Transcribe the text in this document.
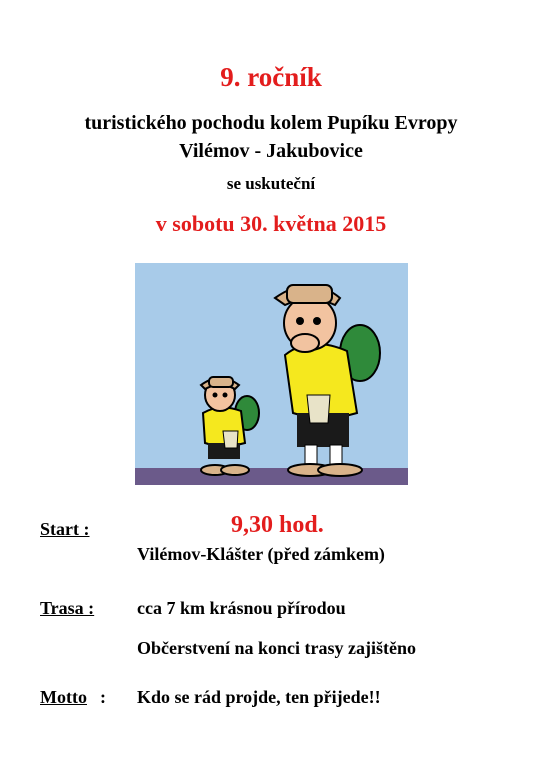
9. ročník
turistického pochodu kolem Pupíku Evropy
Vilémov - Jakubovice
se uskuteční
v sobotu 30. května 2015
Start :	9,30 hod.
Vilémov-Klášter (před zámkem)
Trasa : cca 7 km krásnou přírodou
Občerstvení na konci trasy zajištěno
Motto : Kdo se rád projde, ten přijede!!
